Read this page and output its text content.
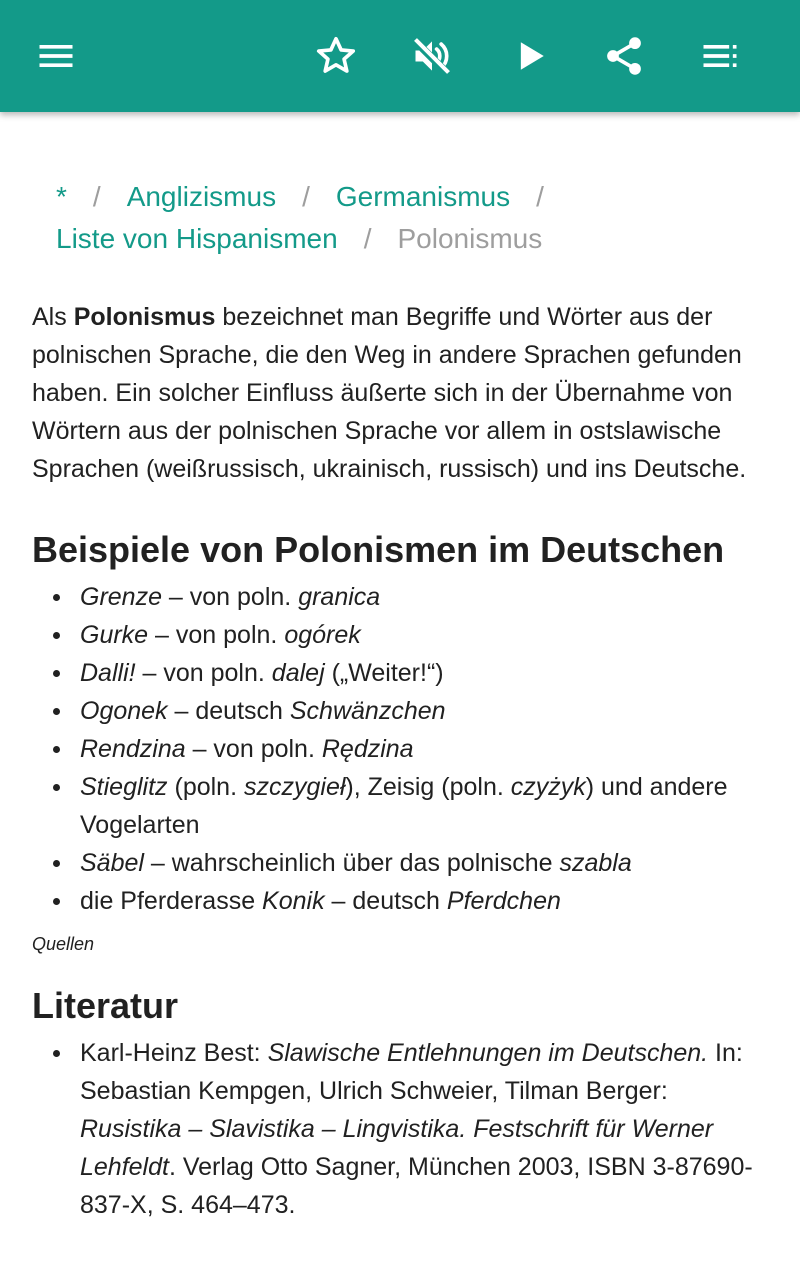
* / Anglizismus / Germanismus /
Liste von Hispanismen / Polonismus

Als Polonismus bezeichnet man Begriffe und Wörter aus der polnischen Sprache, die den Weg in andere Sprachen gefunden haben. Ein solcher Einfluss äußerte sich in der Übernahme von Wörtern aus der polnischen Sprache vor allem in ostslawische Sprachen (weißrussisch, ukrainisch, russisch) und ins Deutsche.

Beispiele von Polonismen im Deutschen
Grenze – von poln. granica
Gurke – von poln. ogórek
Dalli! – von poln. dalej („Weiter!“)
Ogonek – deutsch Schwänzchen
Rendzina – von poln. Rędzina
Stieglitz (poln. szczygieł), Zeisig (poln. czyżyk) und andere Vogelarten
Säbel – wahrscheinlich über das polnische szabla
die Pferderasse Konik – deutsch Pferdchen
Quellen
Literatur
Karl-Heinz Best: Slawische Entlehnungen im Deutschen. In: Sebastian Kempgen, Ulrich Schweier, Tilman Berger: Rusistika – Slavistika – Lingvistika. Festschrift für Werner Lehfeldt. Verlag Otto Sagner, München 2003, ISBN 3-87690-837-X, S. 464–473.
